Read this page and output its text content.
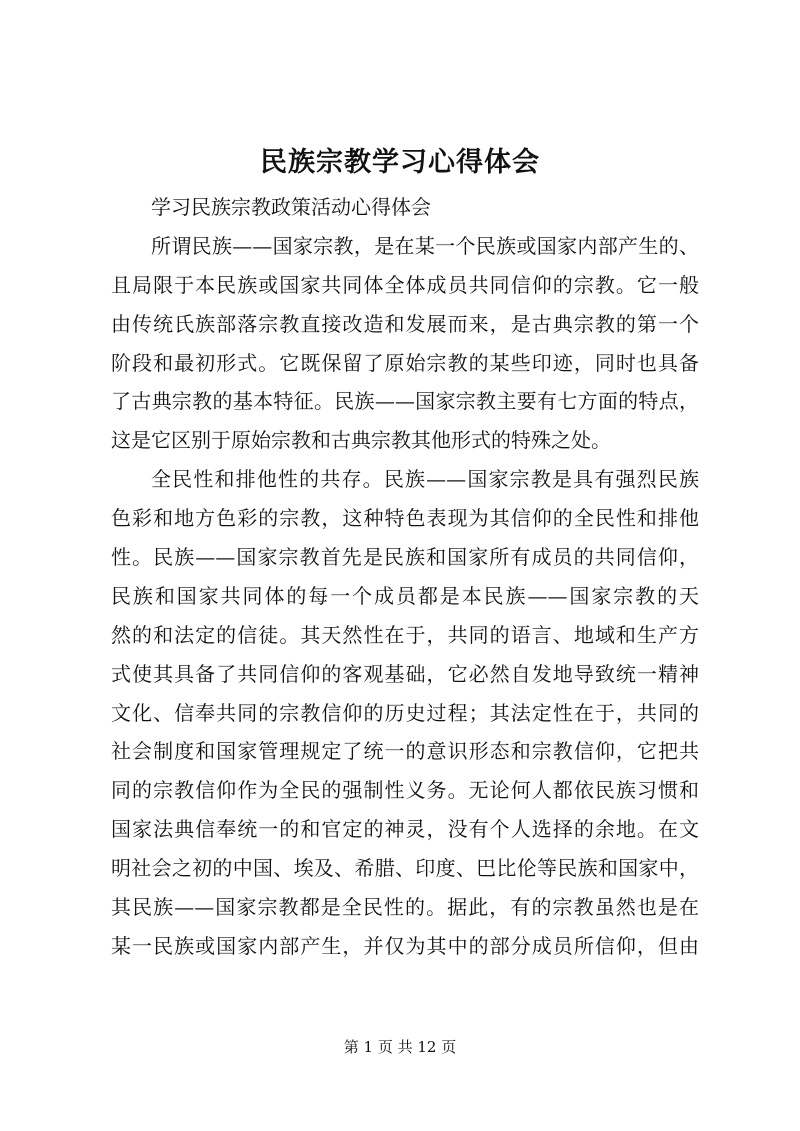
民族宗教学习心得体会
学习民族宗教政策活动心得体会
所谓民族——国家宗教，是在某一个民族或国家内部产生的、
且局限于本民族或国家共同体全体成员共同信仰的宗教。它一般
由传统氏族部落宗教直接改造和发展而来，是古典宗教的第一个
阶段和最初形式。它既保留了原始宗教的某些印迹，同时也具备
了古典宗教的基本特征。民族——国家宗教主要有七方面的特点，
这是它区别于原始宗教和古典宗教其他形式的特殊之处。
全民性和排他性的共存。民族——国家宗教是具有强烈民族
色彩和地方色彩的宗教，这种特色表现为其信仰的全民性和排他
性。民族——国家宗教首先是民族和国家所有成员的共同信仰，
民族和国家共同体的每一个成员都是本民族——国家宗教的天
然的和法定的信徒。其天然性在于，共同的语言、地域和生产方
式使其具备了共同信仰的客观基础，它必然自发地导致统一精神
文化、信奉共同的宗教信仰的历史过程；其法定性在于，共同的
社会制度和国家管理规定了统一的意识形态和宗教信仰，它把共
同的宗教信仰作为全民的强制性义务。无论何人都依民族习惯和
国家法典信奉统一的和官定的神灵，没有个人选择的余地。在文
明社会之初的中国、埃及、希腊、印度、巴比伦等民族和国家中，
其民族——国家宗教都是全民性的。据此，有的宗教虽然也是在
某一民族或国家内部产生，并仅为其中的部分成员所信仰，但由
第 1 页 共 12 页
